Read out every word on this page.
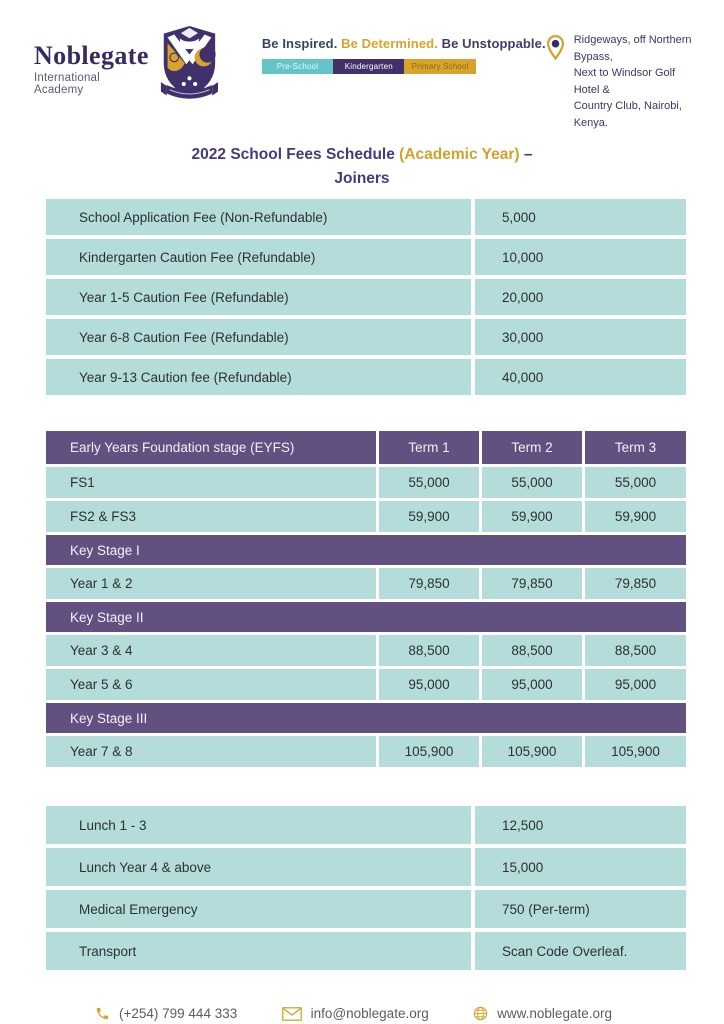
Noblegate
International Academy
Be Inspired. Be Determined. Be Unstoppable.
Pre-School	Kindergarten	Primary School
Ridgeways, off Northern Bypass,
Next to Windsor Golf Hotel &
Country Club, Nairobi, Kenya.
2022 School Fees Schedule (Academic Year) –
Joiners
School Application Fee (Non-Refundable)	5,000
Kindergarten Caution Fee (Refundable)	10,000
Year 1-5 Caution Fee (Refundable)	20,000
Year 6-8 Caution Fee (Refundable)	30,000
Year 9-13 Caution fee (Refundable)	40,000
Early Years Foundation stage (EYFS)	Term 1	Term 2	Term 3
FS1	55,000	55,000	55,000
FS2 & FS3	59,900	59,900	59,900
Key Stage I
Year 1 & 2	79,850	79,850	79,850
Key Stage II
Year 3 & 4	88,500	88,500	88,500
Year 5 & 6	95,000	95,000	95,000
Key Stage III
Year 7 & 8	105,900	105,900	105,900
Lunch 1 - 3	12,500
Lunch Year 4 & above	15,000
Medical Emergency	750 (Per-term)
Transport	Scan Code Overleaf.
(+254) 799 444 333	info@noblegate.org	www.noblegate.org
